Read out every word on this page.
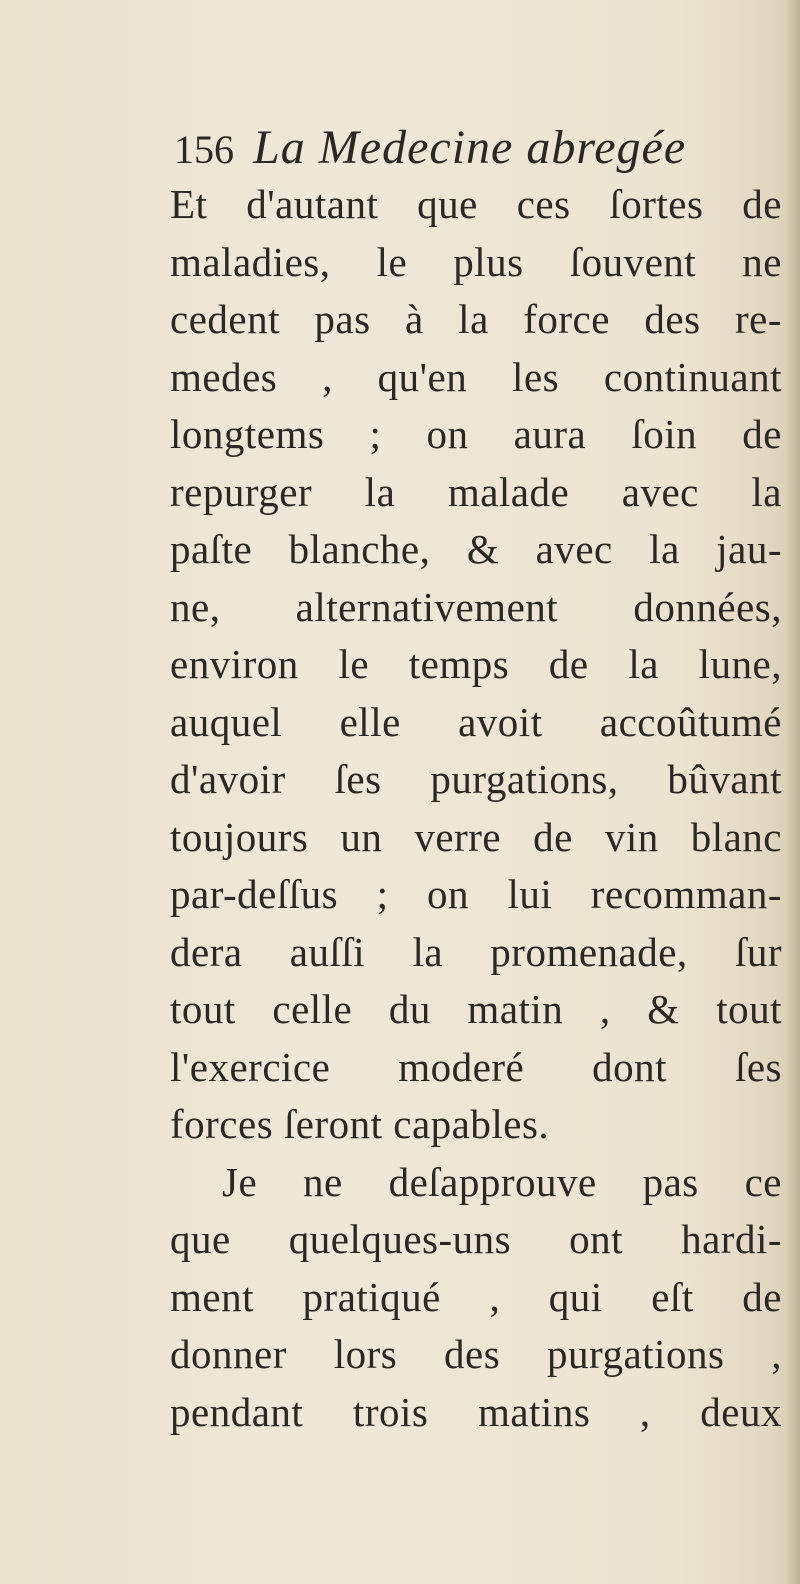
156 La Medecine abregée
Et d'autant que ces ſortes de
maladies, le plus ſouvent ne
cedent pas à la force des re-
medes , qu'en les continuant
longtems ; on aura ſoin de
repurger la malade avec la
paſte blanche, & avec la jau-
ne, alternativement données,
environ le temps de la lune,
auquel elle avoit accoûtumé
d'avoir ſes purgations, bûvant
toujours un verre de vin blanc
par-deſſus ; on lui recomman-
dera auſſi la promenade, ſur
tout celle du matin , & tout
l'exercice moderé dont ſes
forces ſeront capables.
Je ne deſapprouve pas ce
que quelques-uns ont hardi-
ment pratiqué , qui eſt de
donner lors des purgations ,
pendant trois matins , deux
